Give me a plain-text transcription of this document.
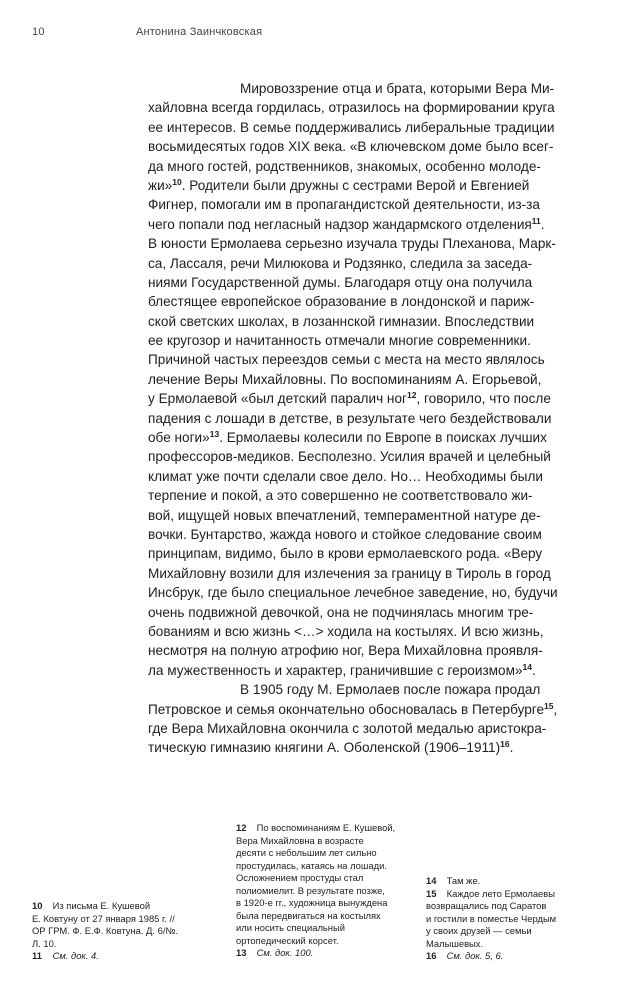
10	Антонина Заинчковская
Мировоззрение отца и брата, которыми Вера Ми-
хайловна всегда гордилась, отразилось на формировании круга
ее интересов. В семье поддерживались либеральные традиции
восьмидесятых годов XIX века. «В ключевском доме было всег-
да много гостей, родственников, знакомых, особенно молоде-
жи»$^{10}$. Родители были дружны с сестрами Верой и Евгенией
Фигнер, помогали им в пропагандистской деятельности, из-за
чего попали под негласный надзор жандармского отделения$^{11}$.
В юности Ермолаева серьезно изучала труды Плеханова, Марк-
са, Лассаля, речи Милюкова и Родзянко, следила за заседа-
ниями Государственной думы. Благодаря отцу она получила
блестящее европейское образование в лондонской и париж-
ской светских школах, в лозаннской гимназии. Впоследствии
ее кругозор и начитанность отмечали многие современники.
Причиной частых переездов семьи с места на место являлось
лечение Веры Михайловны. По воспоминаниям А. Егорьевой,
у Ермолаевой «был детский паралич ног$^{12}$, говорило, что после
падения с лошади в детстве, в результате чего бездействовали
обе ноги»$^{13}$. Ермолаевы колесили по Европе в поисках лучших
профессоров-медиков. Бесполезно. Усилия врачей и целебный
климат уже почти сделали свое дело. Но… Необходимы были
терпение и покой, а это совершенно не соответствовало жи-
вой, ищущей новых впечатлений, темпераментной натуре де-
вочки. Бунтарство, жажда нового и стойкое следование своим
принципам, видимо, было в крови ермолаевского рода. «Веру
Михайловну возили для излечения за границу в Тироль в город
Инсбрук, где было специальное лечебное заведение, но, будучи
очень подвижной девочкой, она не подчинялась многим тре-
бованиям и всю жизнь <…> ходила на костылях. И всю жизнь,
несмотря на полную атрофию ног, Вера Михайловна проявля-
ла мужественность и характер, граничившие с героизмом»$^{14}$.
В 1905 году М. Ермолаев после пожара продал
Петровское и семья окончательно обосновалась в Петербурге$^{15}$,
где Вера Михайловна окончила с золотой медалью аристокра-
тическую гимназию княгини А. Оболенской (1906–1911)$^{16}$.
10 Из письма Е. Кушевой
Е. Ковтуну от 27 января 1985 г. //
ОР ГРМ. Ф. Е.Ф. Ковтуна. Д. 6/№.
Л. 10.
11 См. док. 4.
12 По воспоминаниям Е. Кушевой,
Вера Михайловна в возрасте
десяти с небольшим лет сильно
простудилась, катаясь на лошади.
Осложнением простуды стал
полиомиелит. В результате позже,
в 1920-е гг., художница вынуждена
была передвигаться на костылях
или носить специальный
ортопедический корсет.
13 См. док. 100.
14 Там же.
15 Каждое лето Ермолаевы
возвращались под Саратов
и гостили в поместье Чердым
у своих друзей — семьи
Малышевых.
16 См. док. 5, 6.
